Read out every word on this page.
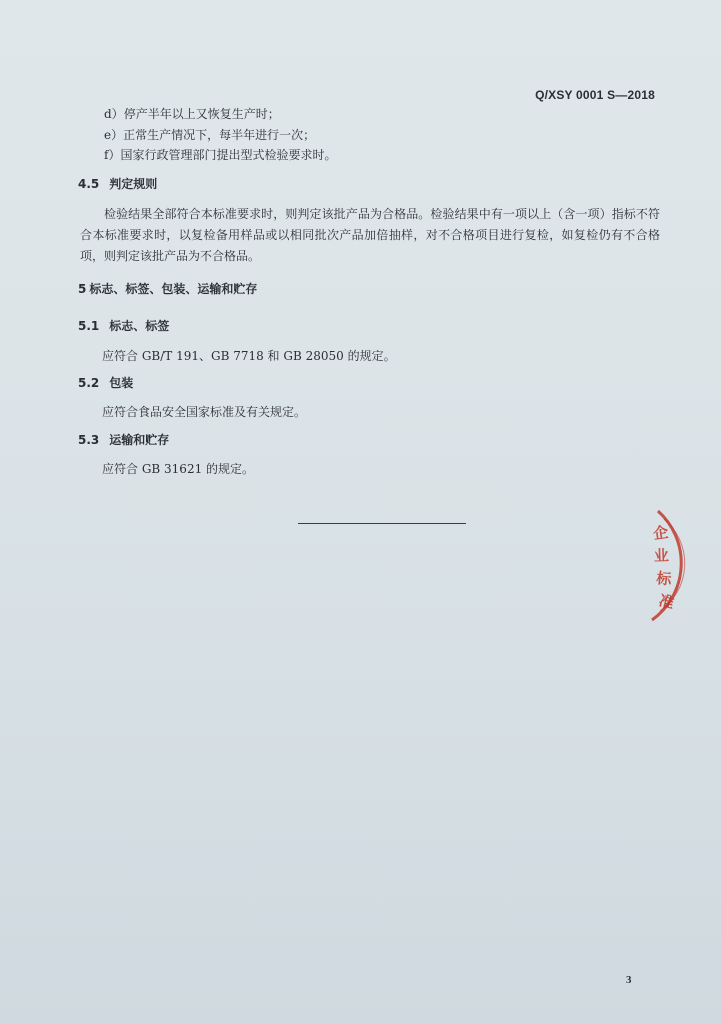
Q/XSY 0001 S—2018
d）停产半年以上又恢复生产时；
e）正常生产情况下，每半年进行一次；
f）国家行政管理部门提出型式检验要求时。
4.5 判定规则
检验结果全部符合本标准要求时，则判定该批产品为合格品。检验结果中有一项以上（含一项）指标不符合本标准要求时，以复检备用样品或以相同批次产品加倍抽样，对不合格项目进行复检，如复检仍有不合格项，则判定该批产品为不合格品。
5 标志、标签、包装、运输和贮存
5.1 标志、标签
应符合 GB/T 191、GB 7718 和 GB 28050 的规定。
5.2 包装
应符合食品安全国家标准及有关规定。
5.3 运输和贮存
应符合 GB 31621 的规定。
企
业
标
准
3
